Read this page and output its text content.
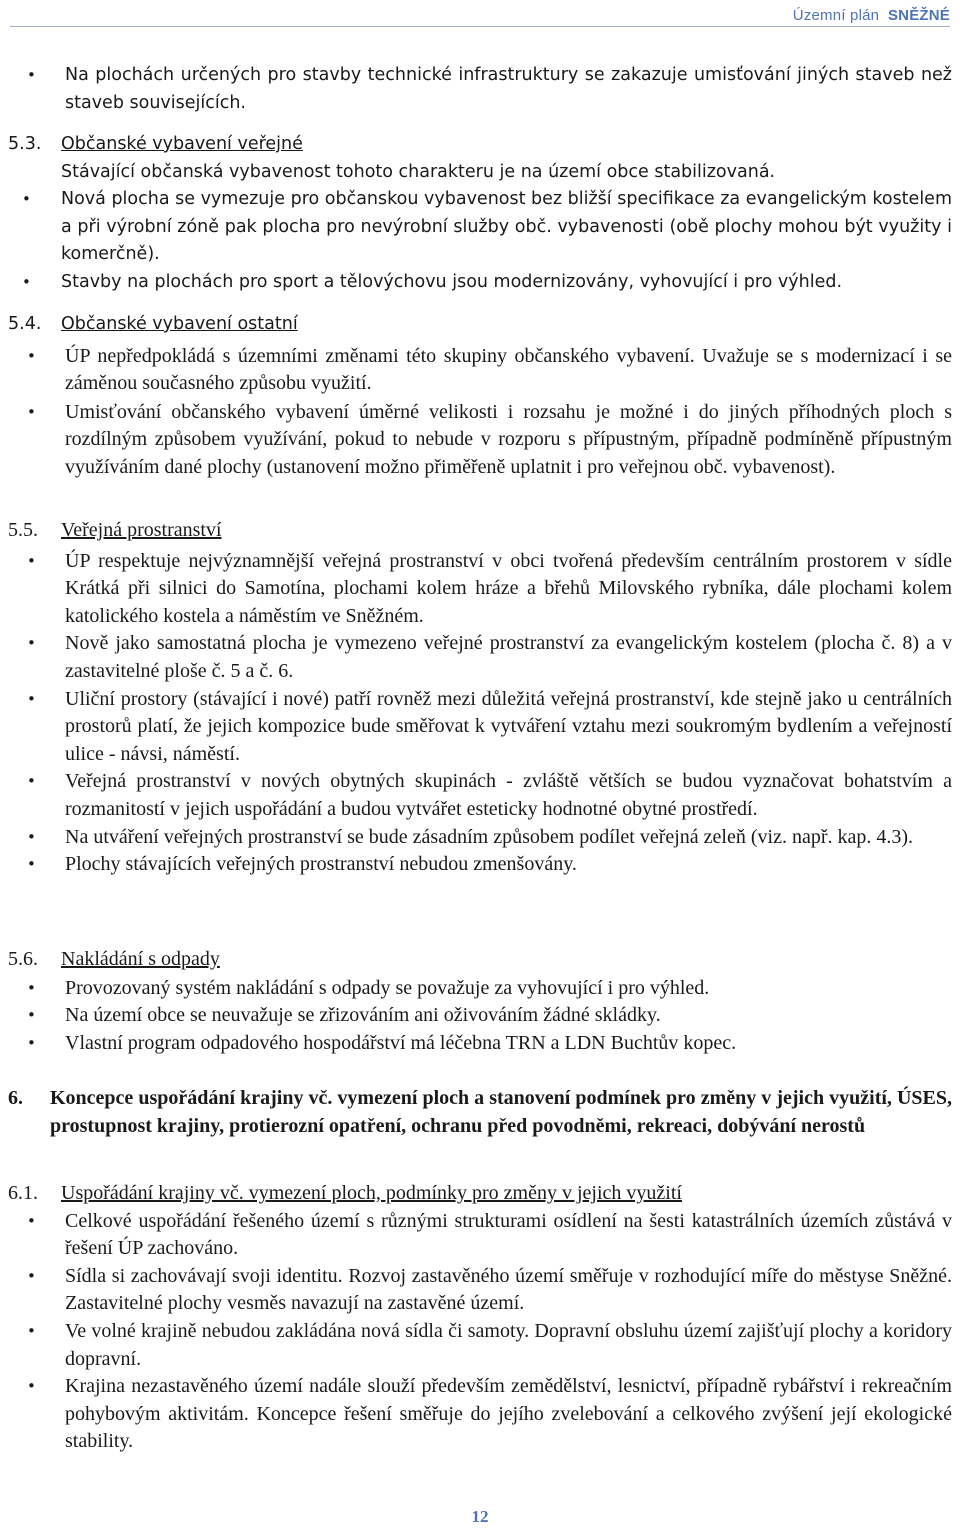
Územní plán SNĚŽNÉ
• Na plochách určených pro stavby technické infrastruktury se zakazuje umisťování jiných staveb než staveb souvisejících.
5.3. Občanské vybavení veřejné
Stávající občanská vybavenost tohoto charakteru je na území obce stabilizovaná.
• Nová plocha se vymezuje pro občanskou vybavenost bez bližší specifikace za evangelickým kostelem a při výrobní zóně pak plocha pro nevýrobní služby obč. vybavenosti (obě plochy mohou být využity i komerčně).
• Stavby na plochách pro sport a tělovýchovu jsou modernizovány, vyhovující i pro výhled.
5.4. Občanské vybavení ostatní
• ÚP nepředpokládá s územními změnami této skupiny občanského vybavení. Uvažuje se s modernizací i se záměnou současného způsobu využití.
• Umisťování občanského vybavení úměrné velikosti i rozsahu je možné i do jiných příhodných ploch s rozdílným způsobem využívání, pokud to nebude v rozporu s přípustným, případně podmíněně přípustným využíváním dané plochy (ustanovení možno přiměřeně uplatnit i pro veřejnou obč. vybavenost).
5.5. Veřejná prostranství
• ÚP respektuje nejvýznamnější veřejná prostranství v obci tvořená především centrálním prostorem v sídle Krátká při silnici do Samotína, plochami kolem hráze a břehů Milovského rybníka, dále plochami kolem katolického kostela a náměstím ve Sněžném.
• Nově jako samostatná plocha je vymezeno veřejné prostranství za evangelickým kostelem (plocha č. 8) a v zastavitelné ploše č. 5 a č. 6.
• Uliční prostory (stávající i nové) patří rovněž mezi důležitá veřejná prostranství, kde stejně jako u centrálních prostorů platí, že jejich kompozice bude směřovat k vytváření vztahu mezi soukromým bydlením a veřejností ulice - návsi, náměstí.
• Veřejná prostranství v nových obytných skupinách - zvláště větších se budou vyznačovat bohatstvím a rozmanitostí v jejich uspořádání a budou vytvářet esteticky hodnotné obytné prostředí.
• Na utváření veřejných prostranství se bude zásadním způsobem podílet veřejná zeleň (viz. např. kap. 4.3).
• Plochy stávajících veřejných prostranství nebudou zmenšovány.
5.6. Nakládání s odpady
• Provozovaný systém nakládání s odpady se považuje za vyhovující i pro výhled.
• Na území obce se neuvažuje se zřizováním ani oživováním žádné skládky.
• Vlastní program odpadového hospodářství má léčebna TRN a LDN Buchtův kopec.
6. Koncepce uspořádání krajiny vč. vymezení ploch a stanovení podmínek pro změny v jejich využití, ÚSES, prostupnost krajiny, protierozní opatření, ochranu před povodněmi, rekreaci, dobývání nerostů
6.1. Uspořádání krajiny vč. vymezení ploch, podmínky pro změny v jejich využití
• Celkové uspořádání řešeného území s různými strukturami osídlení na šesti katastrálních územích zůstává v řešení ÚP zachováno.
• Sídla si zachovávají svoji identitu. Rozvoj zastavěného území směřuje v rozhodující míře do městyse Sněžné. Zastavitelné plochy vesměs navazují na zastavěné území.
• Ve volné krajině nebudou zakládána nová sídla či samoty. Dopravní obsluhu území zajišťují plochy a koridory dopravní.
• Krajina nezastavěného území nadále slouží především zemědělství, lesnictví, případně rybářství i rekreačním pohybovým aktivitám. Koncepce řešení směřuje do jejího zvelebování a celkového zvýšení její ekologické stability.
12
